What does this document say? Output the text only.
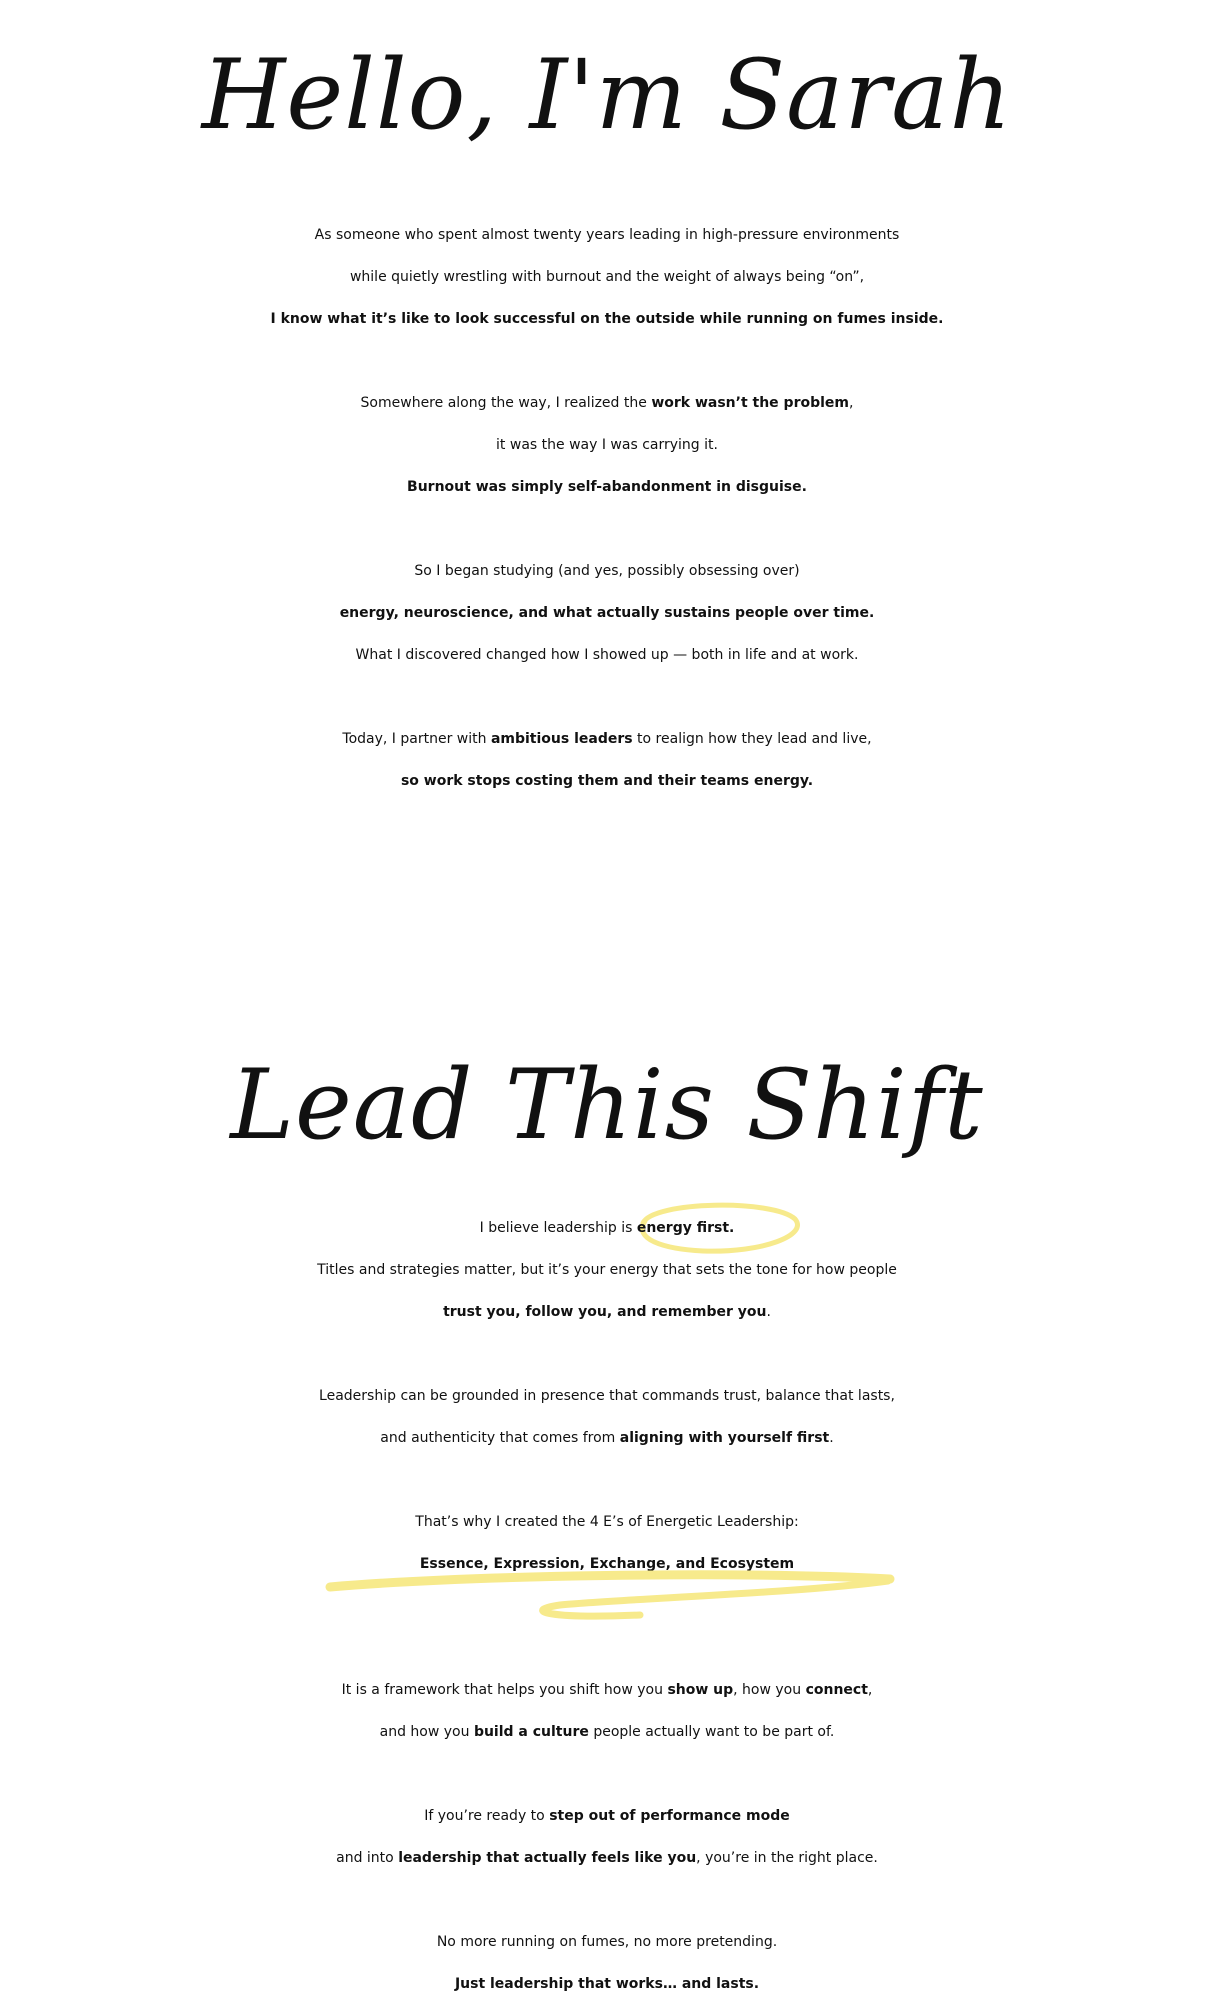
Hello, I'm Sarah

As someone who spent almost twenty years leading in high-pressure environments
while quietly wrestling with burnout and the weight of always being “on”,
I know what it’s like to look successful on the outside while running on fumes inside.

Somewhere along the way, I realized the work wasn’t the problem,
it was the way I was carrying it.
Burnout was simply self-abandonment in disguise.

So I began studying (and yes, possibly obsessing over)
energy, neuroscience, and what actually sustains people over time.
What I discovered changed how I showed up — both in life and at work.

Today, I partner with ambitious leaders to realign how they lead and live,
so work stops costing them and their teams energy.

Lead This Shift

I believe leadership is
energy first.
Titles and strategies matter, but it’s your energy that sets the tone for how people
trust you, follow you, and remember you.

Leadership can be grounded in presence that commands trust, balance that lasts,
and authenticity that comes from aligning with yourself first.

That’s why I created the 4 E’s of Energetic Leadership:
Essence, Expression, Exchange, and Ecosystem

It is a framework that helps you shift how you show up, how you connect,
and how you build a culture people actually want to be part of.

If you’re ready to step out of performance mode
and into leadership that actually feels like you, you’re in the right place.

No more running on fumes, no more pretending.
Just leadership that works… and lasts.
